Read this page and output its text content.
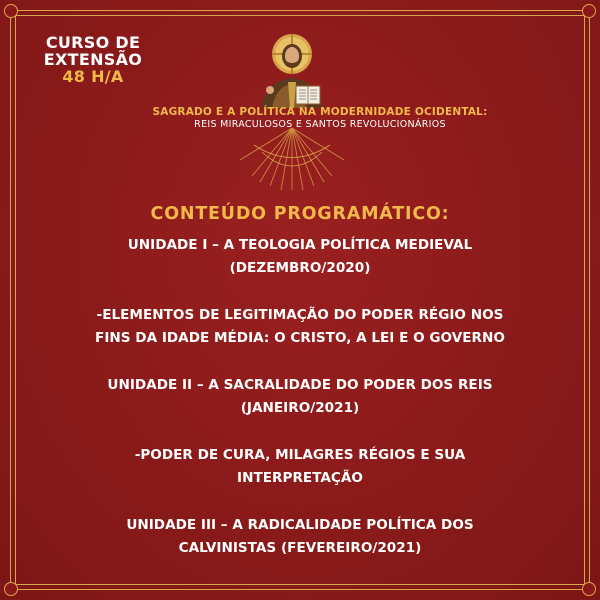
CURSO DE
EXTENSÃO
48 H/A
SAGRADO E A POLÍTICA NA MODERNIDADE OCIDENTAL:
REIS MIRACULOSOS E SANTOS REVOLUCIONÁRIOS
CONTEÚDO PROGRAMÁTICO:
UNIDADE I – A TEOLOGIA POLÍTICA MEDIEVAL
(DEZEMBRO/2020)
-ELEMENTOS DE LEGITIMAÇÃO DO PODER RÉGIO NOS
FINS DA IDADE MÉDIA: O CRISTO, A LEI E O GOVERNO
UNIDADE II – A SACRALIDADE DO PODER DOS REIS
(JANEIRO/2021)
-PODER DE CURA, MILAGRES RÉGIOS E SUA
INTERPRETAÇÃO
UNIDADE III – A RADICALIDADE POLÍTICA DOS
CALVINISTAS (FEVEREIRO/2021)
